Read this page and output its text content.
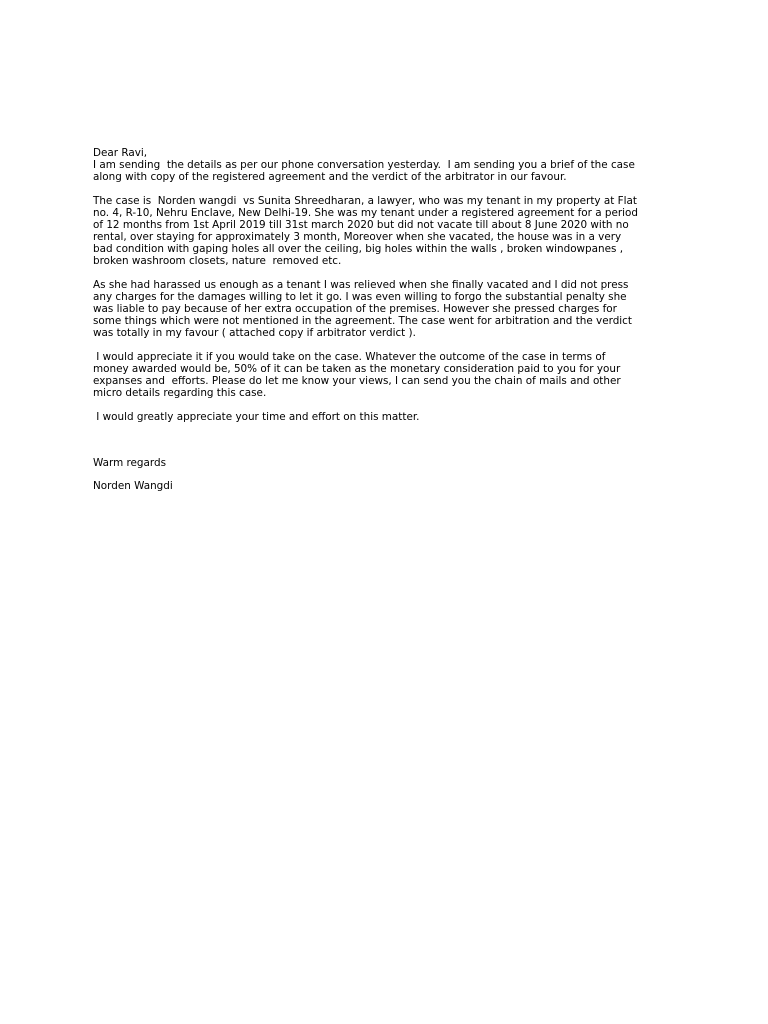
Dear Ravi,
I am sending  the details as per our phone conversation yesterday.  I am sending you a brief of the case
along with copy of the registered agreement and the verdict of the arbitrator in our favour.
The case is  Norden wangdi  vs Sunita Shreedharan, a lawyer, who was my tenant in my property at Flat
no. 4, R-10, Nehru Enclave, New Delhi-19. She was my tenant under a registered agreement for a period
of 12 months from 1st April 2019 till 31st march 2020 but did not vacate till about 8 June 2020 with no
rental, over staying for approximately 3 month, Moreover when she vacated, the house was in a very
bad condition with gaping holes all over the ceiling, big holes within the walls , broken windowpanes ,
broken washroom closets, nature  removed etc.
As she had harassed us enough as a tenant I was relieved when she finally vacated and I did not press
any charges for the damages willing to let it go. I was even willing to forgo the substantial penalty she
was liable to pay because of her extra occupation of the premises. However she pressed charges for
some things which were not mentioned in the agreement. The case went for arbitration and the verdict
was totally in my favour ( attached copy if arbitrator verdict ).
I would appreciate it if you would take on the case. Whatever the outcome of the case in terms of
money awarded would be, 50% of it can be taken as the monetary consideration paid to you for your
expanses and  efforts. Please do let me know your views, I can send you the chain of mails and other
micro details regarding this case.
I would greatly appreciate your time and effort on this matter.
Warm regards
Norden Wangdi
